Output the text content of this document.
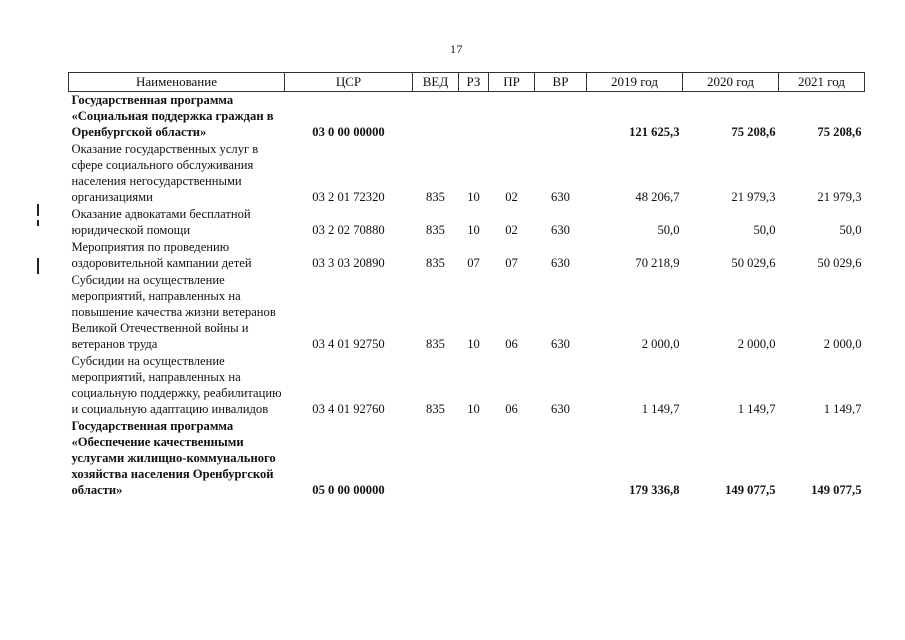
17
Наименование	ЦСР	ВЕД	РЗ	ПР	ВР	2019 год	2020 год	2021 год
Государственная программа «Социальная поддержка граждан в Оренбургской области»	03 0 00 00000					121 625,3	75 208,6	75 208,6
Оказание государственных услуг в сфере социального обслуживания населения негосударственными организациями	03 2 01 72320	835	10	02	630	48 206,7	21 979,3	21 979,3
Оказание адвокатами бесплатной юридической помощи	03 2 02 70880	835	10	02	630	50,0	50,0	50,0
Мероприятия по проведению оздоровительной кампании детей	03 3 03 20890	835	07	07	630	70 218,9	50 029,6	50 029,6
Субсидии на осуществление мероприятий, направленных на повышение качества жизни ветеранов Великой Отечественной войны и ветеранов труда	03 4 01 92750	835	10	06	630	2 000,0	2 000,0	2 000,0
Субсидии на осуществление мероприятий, направленных на социальную поддержку, реабилитацию и социальную адаптацию инвалидов	03 4 01 92760	835	10	06	630	1 149,7	1 149,7	1 149,7
Государственная программа «Обеспечение качественными услугами жилищно-коммунального хозяйства населения Оренбургской области»	05 0 00 00000					179 336,8	149 077,5	149 077,5
